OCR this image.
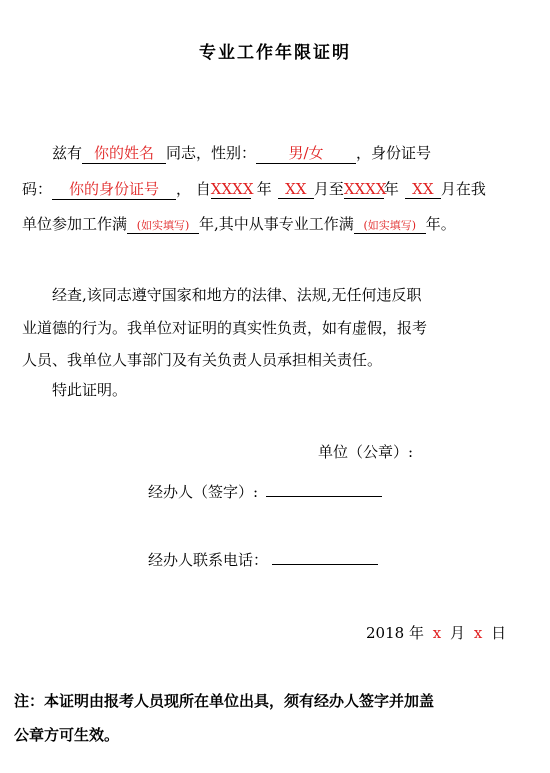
专业工作年限证明
兹有 你的姓名 同志，性别： 男/女 ，身份证号
码： 你的身份证号 ， 自XXXX 年 XX 月至XXXX年 XX 月在我
单位参加工作满 (如实填写) 年,其中从事专业工作满 (如实填写) 年。
经查,该同志遵守国家和地方的法律、法规,无任何违反职
业道德的行为。我单位对证明的真实性负责，如有虚假，报考
人员、我单位人事部门及有关负责人员承担相关责任。
特此证明。
单位（公章）:
经办人（签字）:
经办人联系电话：
2018 年 x 月 x 日
注：本证明由报考人员现所在单位出具，须有经办人签字并加盖
公章方可生效。
